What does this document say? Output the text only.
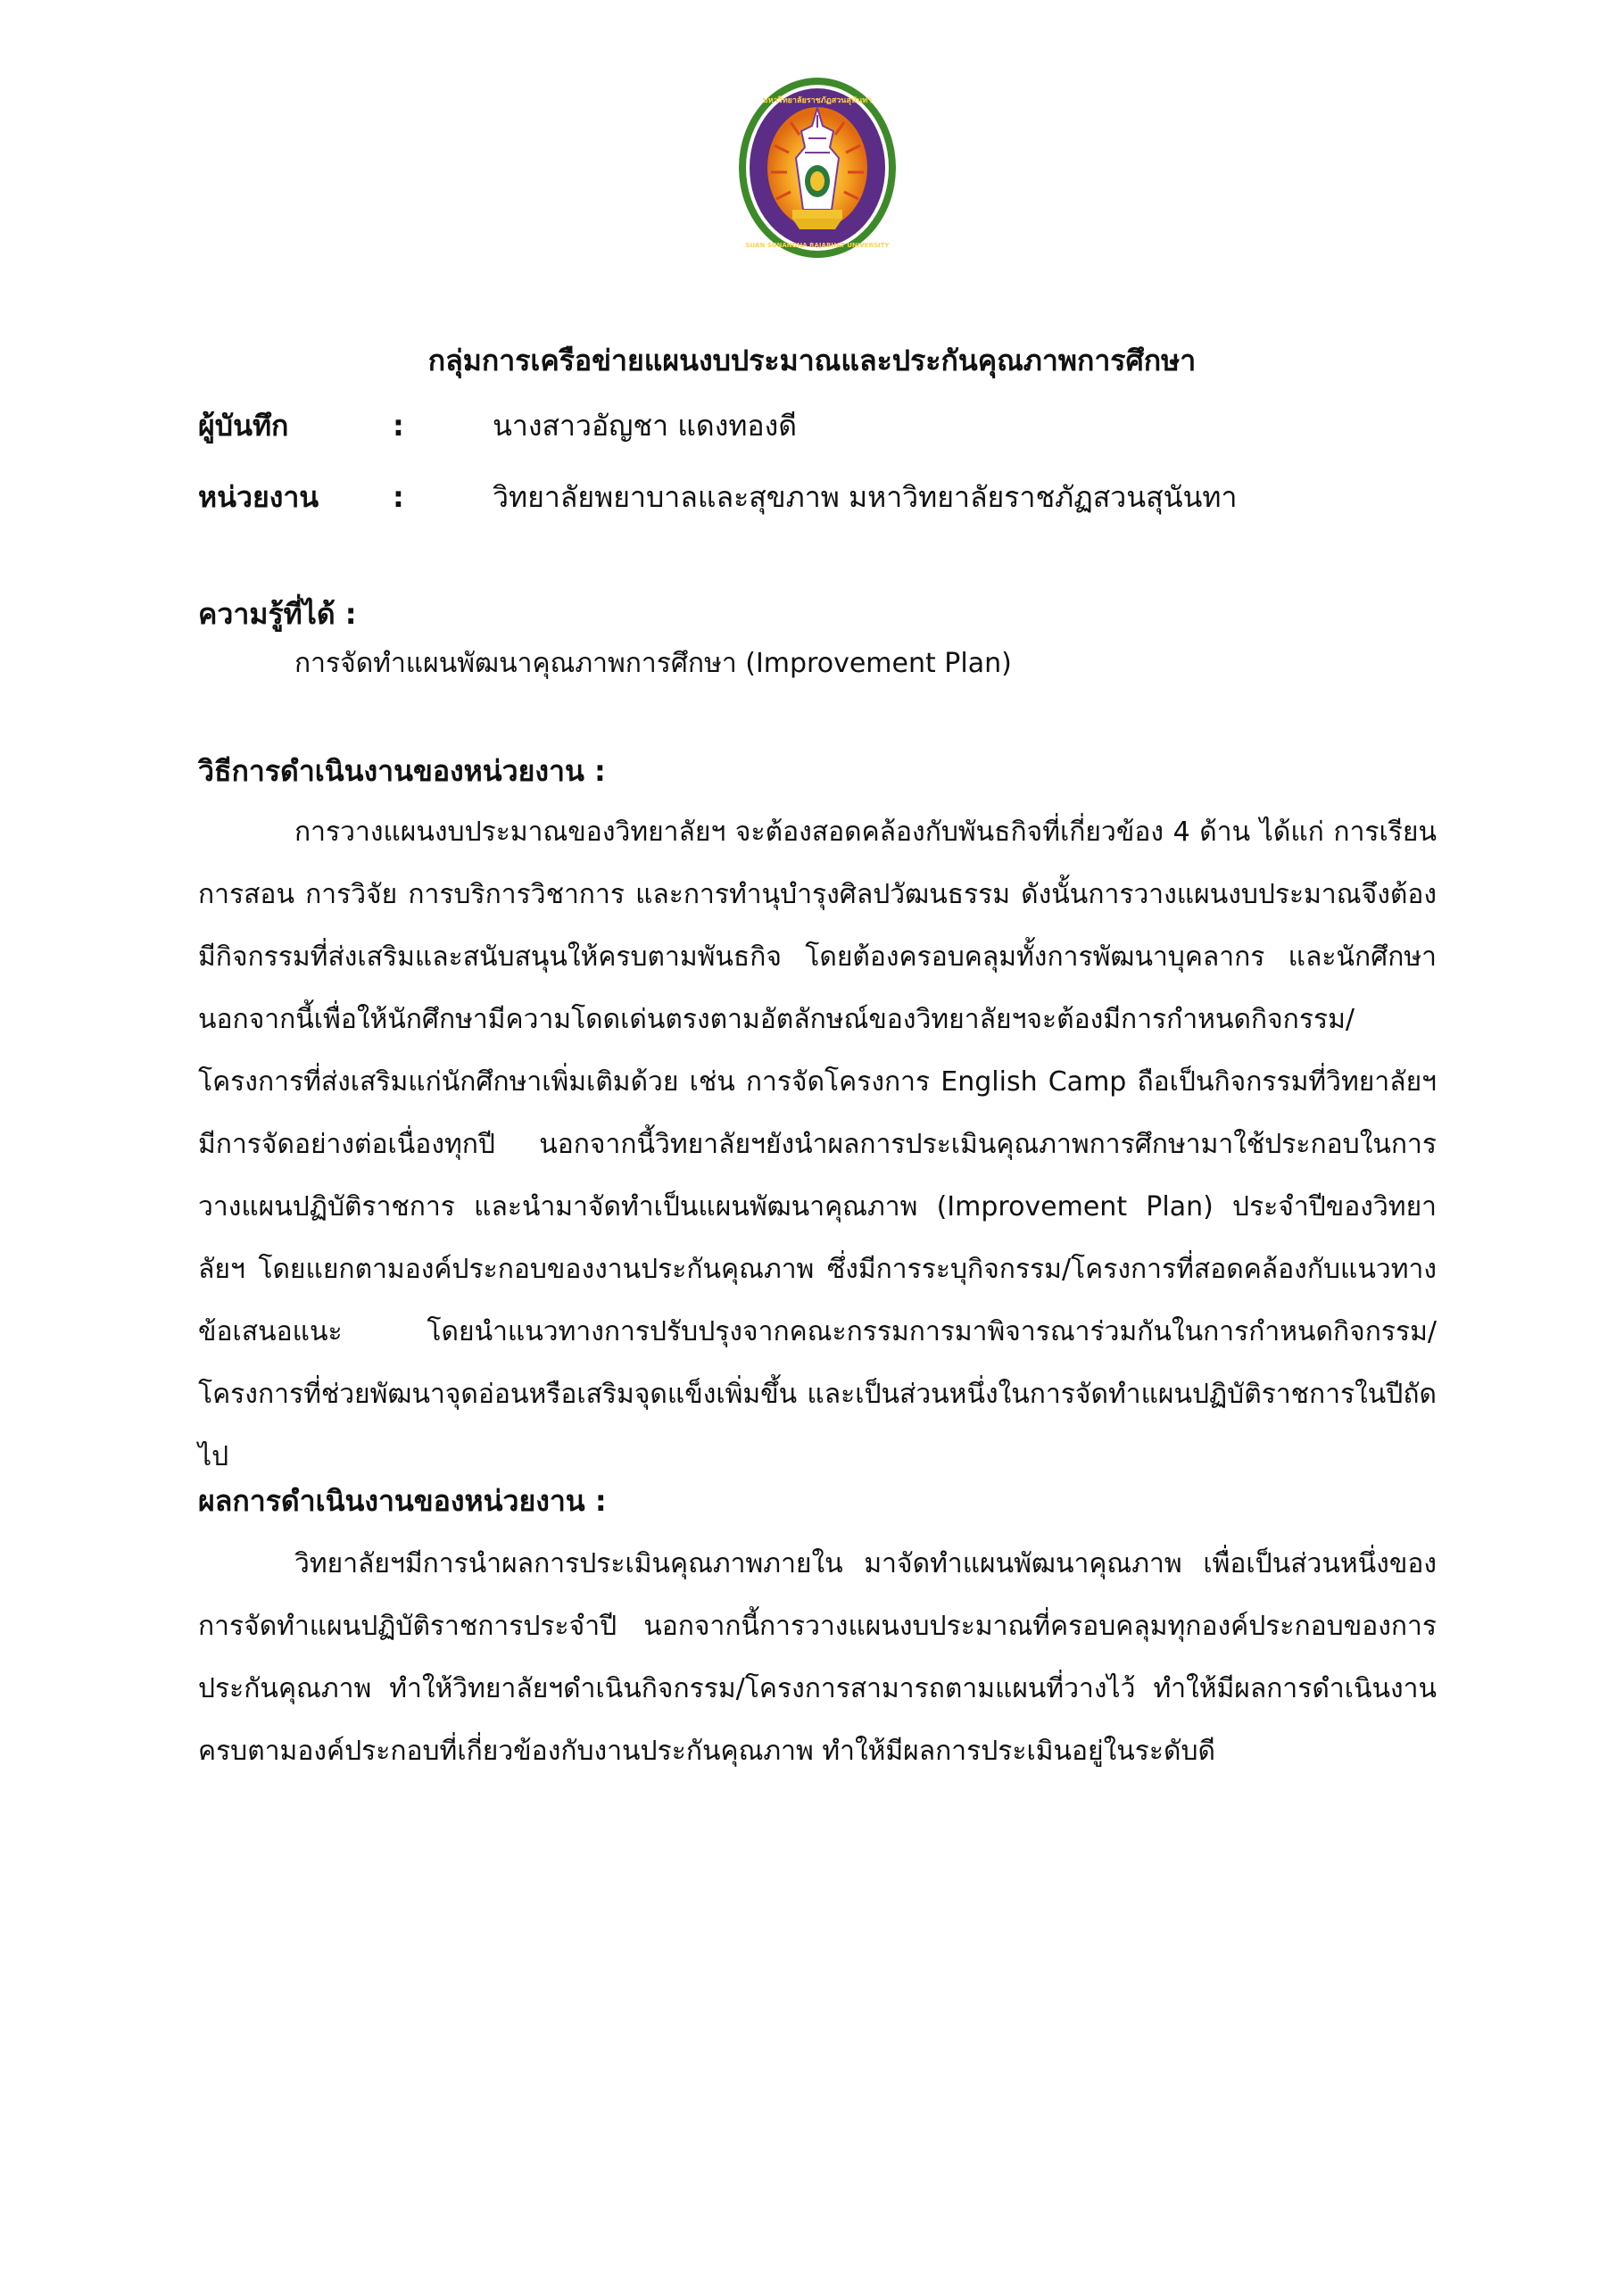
มหาวิทยาลัยราชภัฏสวนสุนันทา
SUAN SUNANDHA RAJABHAT UNIVERSITY
กลุ่มการเครือข่ายแผนงบประมาณและประกันคุณภาพการศึกษา
ผู้บันทึก	:	นางสาวอัญชา แดงทองดี
หน่วยงาน	:	วิทยาลัยพยาบาลและสุขภาพ มหาวิทยาลัยราชภัฏสวนสุนันทา
ความรู้ที่ได้ :
การจัดทำแผนพัฒนาคุณภาพการศึกษา (Improvement Plan)
วิธีการดำเนินงานของหน่วยงาน :

การวางแผนงบประมาณของวิทยาลัยฯ จะต้องสอดคล้องกับพันธกิจที่เกี่ยวข้อง 4 ด้าน ได้แก่ การเรียนการสอน การวิจัย การบริการวิชาการ และการทำนุบำรุงศิลปวัฒนธรรม ดังนั้นการวางแผนงบประมาณจึงต้องมีกิจกรรมที่ส่งเสริมและสนับสนุนให้ครบตามพันธกิจ โดยต้องครอบคลุมทั้งการพัฒนาบุคลากร และนักศึกษา นอกจากนี้เพื่อให้นักศึกษามีความโดดเด่นตรงตามอัตลักษณ์ของวิทยาลัยฯจะต้องมีการกำหนดกิจกรรม/โครงการที่ส่งเสริมแก่นักศึกษาเพิ่มเติมด้วย เช่น การจัดโครงการ English Camp ถือเป็นกิจกรรมที่วิทยาลัยฯมีการจัดอย่างต่อเนื่องทุกปี นอกจากนี้วิทยาลัยฯยังนำผลการประเมินคุณภาพการศึกษามาใช้ประกอบในการวางแผนปฏิบัติราชการ และนำมาจัดทำเป็นแผนพัฒนาคุณภาพ (Improvement Plan) ประจำปีของวิทยาลัยฯ โดยแยกตามองค์ประกอบของงานประกันคุณภาพ ซึ่งมีการระบุกิจกรรม/โครงการที่สอดคล้องกับแนวทางข้อเสนอแนะ โดยนำแนวทางการปรับปรุงจากคณะกรรมการมาพิจารณาร่วมกันในการกำหนดกิจกรรม/โครงการที่ช่วยพัฒนาจุดอ่อนหรือเสริมจุดแข็งเพิ่มขึ้น และเป็นส่วนหนึ่งในการจัดทำแผนปฏิบัติราชการในปีถัดไป

ผลการดำเนินงานของหน่วยงาน :

วิทยาลัยฯมีการนำผลการประเมินคุณภาพภายใน มาจัดทำแผนพัฒนาคุณภาพ เพื่อเป็นส่วนหนึ่งของการจัดทำแผนปฏิบัติราชการประจำปี นอกจากนี้การวางแผนงบประมาณที่ครอบคลุมทุกองค์ประกอบของการประกันคุณภาพ ทำให้วิทยาลัยฯดำเนินกิจกรรม/โครงการสามารถตามแผนที่วางไว้ ทำให้มีผลการดำเนินงานครบตามองค์ประกอบที่เกี่ยวข้องกับงานประกันคุณภาพ ทำให้มีผลการประเมินอยู่ในระดับดี
